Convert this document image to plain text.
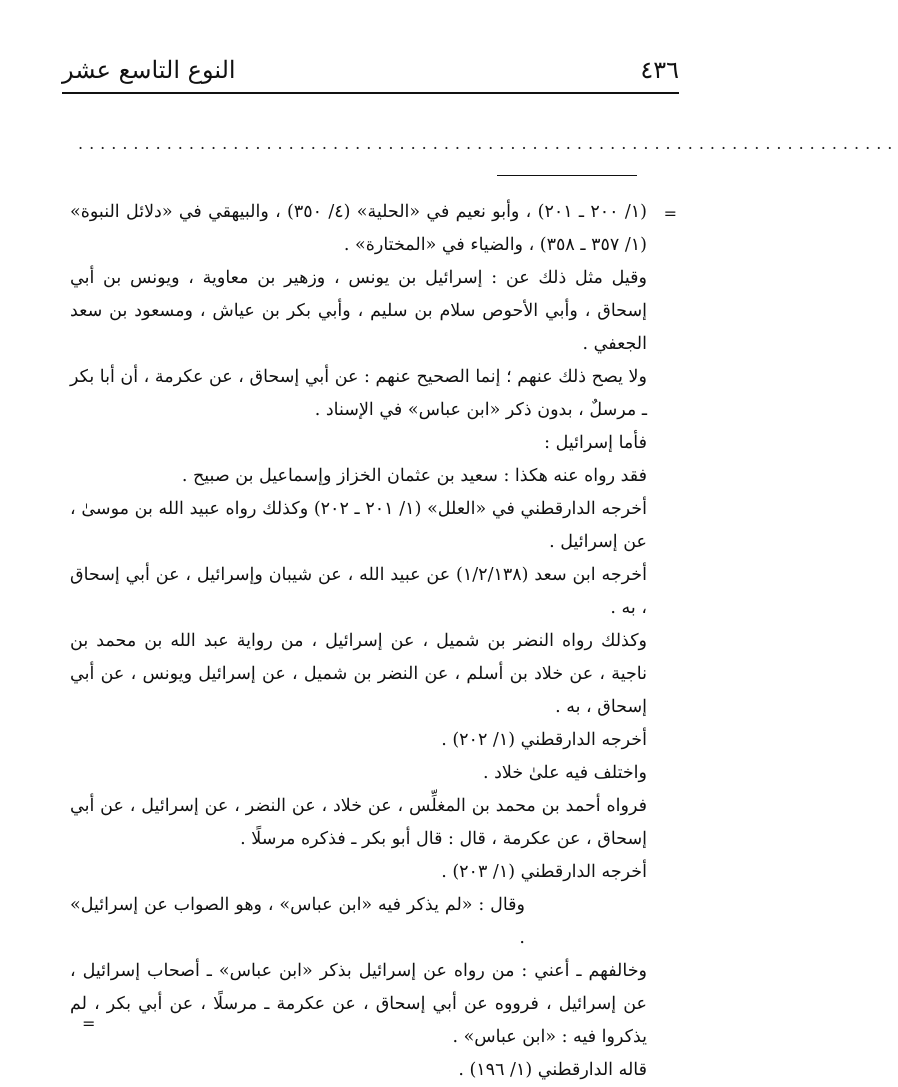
٤٣٦
النوع التاسع عشر
..........................................................................
=

(١/ ٢٠٠ ـ ٢٠١) ، وأبو نعيم في «الحلية» (٤/ ٣٥٠) ، والبيهقي في «دلائل النبوة» (١/ ٣٥٧ ـ ٣٥٨) ، والضياء في «المختارة» .

وقيل مثل ذلك عن : إسرائيل بن يونس ، وزهير بن معاوية ، ويونس بن أبي إسحاق ، وأبي الأحوص سلام بن سليم ، وأبي بكر بن عياش ، ومسعود بن سعد الجعفي .

ولا يصح ذلك عنهم ؛ إنما الصحيح عنهم : عن أبي إسحاق ، عن عكرمة ، أن أبا بكر ـ مرسلٌ ، بدون ذكر «ابن عباس» في الإسناد .

فأما إسرائيل :

فقد رواه عنه هكذا : سعيد بن عثمان الخزاز وإسماعيل بن صبيح .

أخرجه الدارقطني في «العلل» (١/ ٢٠١ ـ ٢٠٢) وكذلك رواه عبيد الله بن موسىٰ ، عن إسرائيل .

أخرجه ابن سعد (١/٢/١٣٨) عن عبيد الله ، عن شيبان وإسرائيل ، عن أبي إسحاق ، به .

وكذلك رواه النضر بن شميل ، عن إسرائيل ، من رواية عبد الله بن محمد بن ناجية ، عن خلاد بن أسلم ، عن النضر بن شميل ، عن إسرائيل ويونس ، عن أبي إسحاق ، به .

أخرجه الدارقطني (١/ ٢٠٢) .

واختلف فيه علىٰ خلاد .

فرواه أحمد بن محمد بن المغلِّس ، عن خلاد ، عن النضر ، عن إسرائيل ، عن أبي إسحاق ، عن عكرمة ، قال : قال أبو بكر ـ فذكره مرسلًا .

أخرجه الدارقطني (١/ ٢٠٣) .

وقال : «لم يذكر فيه «ابن عباس» ، وهو الصواب عن إسرائيل» .

وخالفهم ـ أعني : من رواه عن إسرائيل بذكر «ابن عباس» ـ أصحاب إسرائيل ، عن إسرائيل ، فرووه عن أبي إسحاق ، عن عكرمة ـ مرسلًا ، عن أبي بكر ، لم يذكروا فيه : «ابن عباس» .

قاله الدارقطني (١/ ١٩٦) .

=
